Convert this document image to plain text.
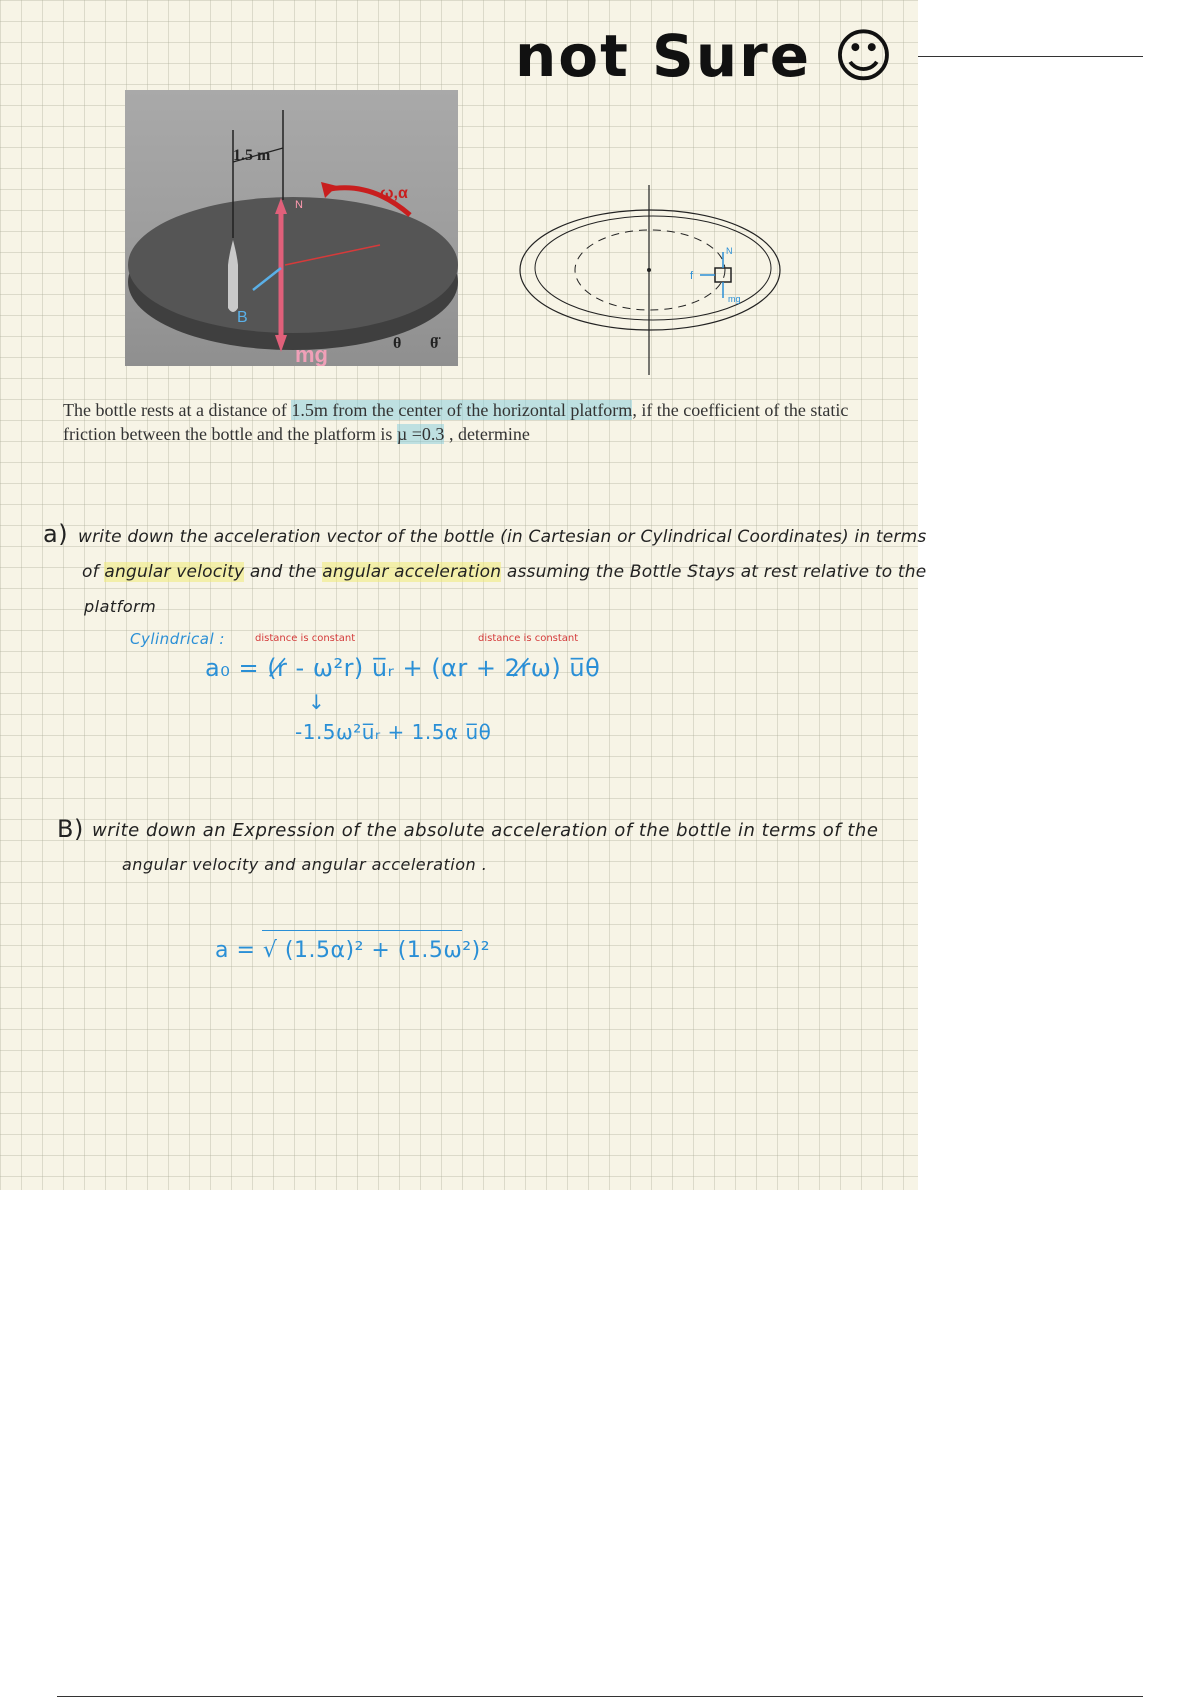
not Sure ☺
1.5 m
N
B
ω,α
mg	θ θ̈
N
f
mg
The bottle rests at a distance of 1.5m from the center of the horizontal platform, if the coefficient of the static friction between the bottle and the platform is µ =0.3 , determine
a) write down the acceleration vector of the bottle (in Cartesian or Cylindrical Coordinates) in terms
of angular velocity and the angular acceleration assuming the Bottle Stays at rest relative to the
platform
Cylindrical :	distance is constant	distance is constant
a₀ = (r̸ - ω²r) u̅ᵣ + (αr + 2r̸ω) u̅θ
↓
-1.5ω²u̅ᵣ + 1.5α u̅θ
B) write down an Expression of the absolute acceleration of the bottle in terms of the
angular velocity and angular acceleration .
a = √ (1.5α)² + (1.5ω²)²
